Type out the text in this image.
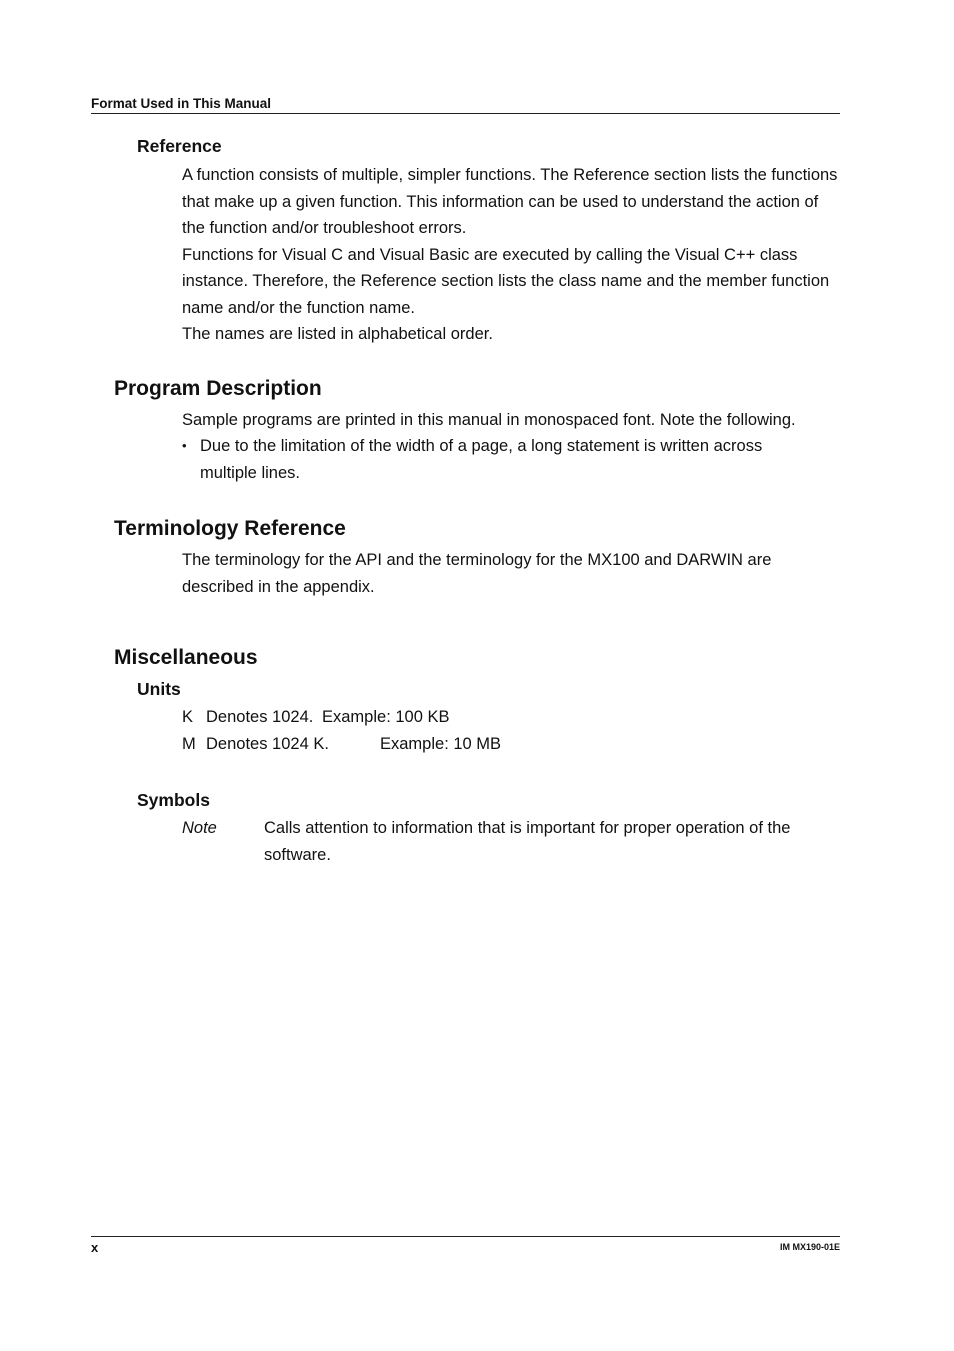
Format Used in This Manual
Reference

A function consists of multiple, simpler functions. The Reference section lists the functions that make up a given function. This information can be used to understand the action of the function and/or troubleshoot errors.

Functions for Visual C and Visual Basic are executed by calling the Visual C++ class instance. Therefore, the Reference section lists the class name and the member function name and/or the function name.

The names are listed in alphabetical order.

Program Description
Sample programs are printed in this manual in monospaced font. Note the following.
• Due to the limitation of the width of a page, a long statement is written across multiple lines.
Terminology Reference
The terminology for the API and the terminology for the MX100 and DARWIN are described in the appendix.
Miscellaneous
Units
K Denotes 1024. Example: 100 KB
M Denotes 1024 K.	Example: 10 MB
Symbols
Note	Calls attention to information that is important for proper operation of the software.
x	IM MX190-01E
